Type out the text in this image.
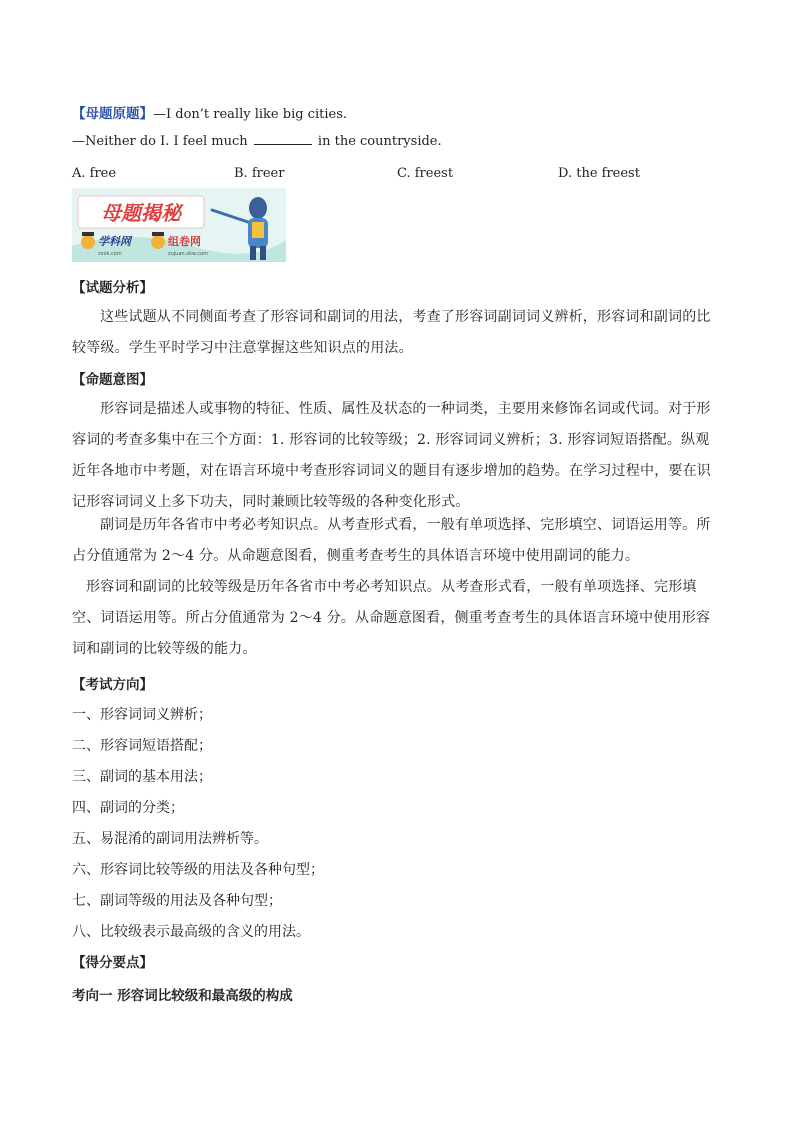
【母题原题】—I don’t really like big cities.
—Neither do I. I feel much	in the countryside.
A. free	B. freer	C. freest	D. the freest
母题揭秘
学科网
zxxk.com
组卷网
zujuan.xkw.com
【试题分析】
这些试题从不同侧面考查了形容词和副词的用法，考查了形容词副词词义辨析，形容词和副词的比较等级。学生平时学习中注意掌握这些知识点的用法。
【命题意图】
形容词是描述人或事物的特征、性质、属性及状态的一种词类，主要用来修饰名词或代词。对于形容词的考查多集中在三个方面：1. 形容词的比较等级；2. 形容词词义辨析；3. 形容词短语搭配。纵观近年各地市中考题，对在语言环境中考查形容词词义的题目有逐步增加的趋势。在学习过程中，要在识记形容词词义上多下功夫，同时兼顾比较等级的各种变化形式。
副词是历年各省市中考必考知识点。从考查形式看，一般有单项选择、完形填空、词语运用等。所占分值通常为 2～4 分。从命题意图看，侧重考查考生的具体语言环境中使用副词的能力。
形容词和副词的比较等级是历年各省市中考必考知识点。从考查形式看，一般有单项选择、完形填空、词语运用等。所占分值通常为 2～4 分。从命题意图看，侧重考查考生的具体语言环境中使用形容词和副词的比较等级的能力。
【考试方向】
一、形容词词义辨析；
二、形容词短语搭配；
三、副词的基本用法；
四、副词的分类；
五、易混淆的副词用法辨析等。
六、形容词比较等级的用法及各种句型；
七、副词等级的用法及各种句型；
八、比较级表示最高级的含义的用法。
【得分要点】
考向一 形容词比较级和最高级的构成
